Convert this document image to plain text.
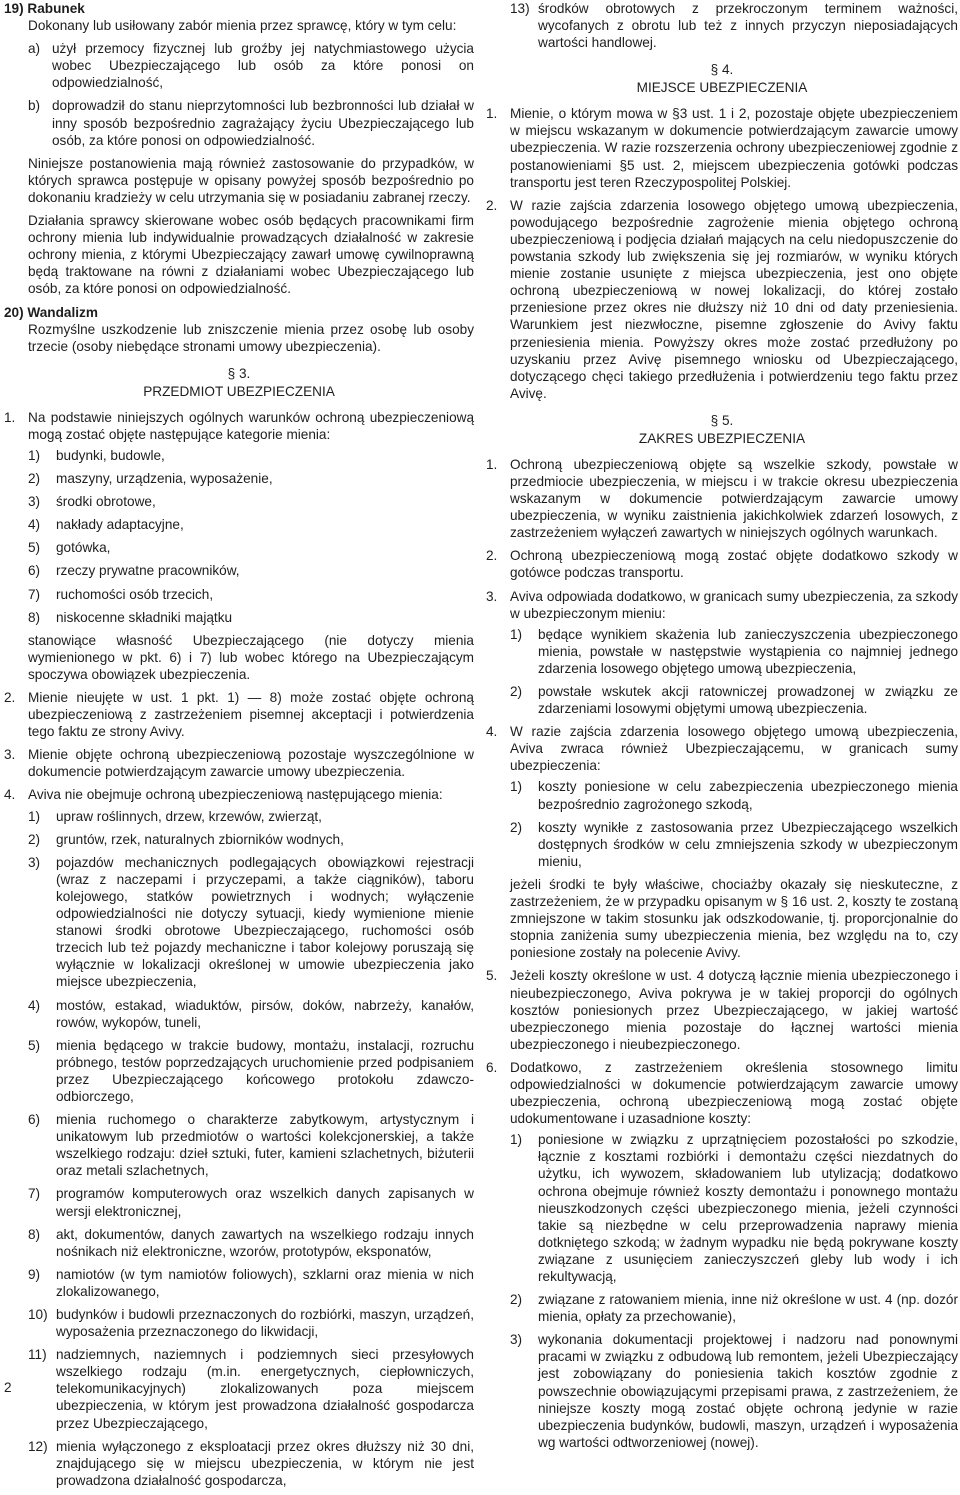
19) Rabunek

Dokonany lub usiłowany zabór mienia przez sprawcę, który w tym celu:

a) użył przemocy fizycznej lub groźby jej natychmiastowego użycia wobec Ubezpieczającego lub osób za które ponosi on odpowiedzialność,
b) doprowadził do stanu nieprzytomności lub bezbronności lub działał w inny sposób bezpośrednio zagrażający życiu Ubezpieczającego lub osób, za które ponosi on odpowiedzialność.

Niniejsze postanowienia mają również zastosowanie do przypadków, w których sprawca postępuje w opisany powyżej sposób bezpośrednio po dokonaniu kradzieży w celu utrzymania się w posiadaniu zabranej rzeczy.

Działania sprawcy skierowane wobec osób będących pracownikami firm ochrony mienia lub indywidualnie prowadzących działalność w zakresie ochrony mienia, z którymi Ubezpieczający zawarł umowę cywilnoprawną będą traktowane na równi z działaniami wobec Ubezpieczającego lub osób, za które ponosi on odpowiedzialność.

20) Wandalizm

Rozmyślne uszkodzenie lub zniszczenie mienia przez osobę lub osoby trzecie (osoby niebędące stronami umowy ubezpieczenia).

§ 3.
PRZEDMIOT UBEZPIECZENIA
1. Na podstawie niniejszych ogólnych warunków ochroną ubezpieczeniową mogą zostać objęte następujące kategorie mienia:
1)	budynki, budowle,
2)	maszyny, urządzenia, wyposażenie,
3)	środki obrotowe,
4)	nakłady adaptacyjne,
5)	gotówka,
6)	rzeczy prywatne pracowników,
7)	ruchomości osób trzecich,
8)	niskocenne składniki majątku

stanowiące własność Ubezpieczającego (nie dotyczy mienia wymienionego w pkt. 6) i 7) lub wobec którego na Ubezpieczającym spoczywa obowiązek ubezpieczenia.

2. Mienie nieujęte w ust. 1 pkt. 1) — 8) może zostać objęte ochroną ubezpieczeniową z zastrzeżeniem pisemnej akceptacji i potwierdzenia tego faktu ze strony Avivy.
3. Mienie objęte ochroną ubezpieczeniową pozostaje wyszczególnione w dokumencie potwierdzającym zawarcie umowy ubezpieczenia.
4. Aviva nie obejmuje ochroną ubezpieczeniową następującego mienia:
1)	upraw roślinnych, drzew, krzewów, zwierząt,
2)	gruntów, rzek, naturalnych zbiorników wodnych,
3)	pojazdów mechanicznych podlegających obowiązkowi rejestracji (wraz z naczepami i przyczepami, a także ciągników), taboru kolejowego, statków powietrznych i wodnych; wyłączenie odpowiedzialności nie dotyczy sytuacji, kiedy wymienione mienie stanowi środki obrotowe Ubezpieczającego, ruchomości osób trzecich lub też pojazdy mechaniczne i tabor kolejowy poruszają się wyłącznie w lokalizacji określonej w umowie ubezpieczenia jako miejsce ubezpieczenia,
4)	mostów, estakad, wiaduktów, pirsów, doków, nabrzeży, kanałów, rowów, wykopów, tuneli,
5)	mienia będącego w trakcie budowy, montażu, instalacji, rozruchu próbnego, testów poprzedzających uruchomienie przed podpisaniem przez Ubezpieczającego końcowego protokołu zdawczo-odbiorczego,
6)	mienia ruchomego o charakterze zabytkowym, artystycznym i unikatowym lub przedmiotów o wartości kolekcjonerskiej, a także wszelkiego rodzaju: dzieł sztuki, futer, kamieni szlachetnych, biżuterii oraz metali szlachetnych,
7)	programów komputerowych oraz wszelkich danych zapisanych w wersji elektronicznej,
8)	akt, dokumentów, danych zawartych na wszelkiego rodzaju innych nośnikach niż elektroniczne, wzorów, prototypów, eksponatów,
9)	namiotów (w tym namiotów foliowych), szklarni oraz mienia w nich zlokalizowanego,
10) budynków i budowli przeznaczonych do rozbiórki, maszyn, urządzeń, wyposażenia przeznaczonego do likwidacji,
11) nadziemnych, naziemnych i podziemnych sieci przesyłowych wszelkiego rodzaju (m.in. energetycznych, ciepłowniczych, telekomunikacyjnych) zlokalizowanych poza miejscem ubezpieczenia, w którym jest prowadzona działalność gospodarcza przez Ubezpieczającego,
12) mienia wyłączonego z eksploatacji przez okres dłuższy niż 30 dni, znajdującego się w miejscu ubezpieczenia, w którym nie jest prowadzona działalność gospodarcza,
13) środków obrotowych z przekroczonym terminem ważności, wycofanych z obrotu lub też z innych przyczyn nieposiadających wartości handlowej.
§ 4.
MIEJSCE UBEZPIECZENIA
1. Mienie, o którym mowa w §3 ust. 1 i 2, pozostaje objęte ubezpieczeniem w miejscu wskazanym w dokumencie potwierdzającym zawarcie umowy ubezpieczenia. W razie rozszerzenia ochrony ubezpieczeniowej zgodnie z postanowieniami §5 ust. 2, miejscem ubezpieczenia gotówki podczas transportu jest teren Rzeczypospolitej Polskiej.
2. W razie zajścia zdarzenia losowego objętego umową ubezpieczenia, powodującego bezpośrednie zagrożenie mienia objętego ochroną ubezpieczeniową i podjęcia działań mających na celu niedopuszczenie do powstania szkody lub zwiększenia się jej rozmiarów, w wyniku których mienie zostanie usunięte z miejsca ubezpieczenia, jest ono objęte ochroną ubezpieczeniową w nowej lokalizacji, do której zostało przeniesione przez okres nie dłuższy niż 10 dni od daty przeniesienia. Warunkiem jest niezwłoczne, pisemne zgłoszenie do Avivy faktu przeniesienia mienia. Powyższy okres może zostać przedłużony po uzyskaniu przez Avivę pisemnego wniosku od Ubezpieczającego, dotyczącego chęci takiego przedłużenia i potwierdzeniu tego faktu przez Avivę.
§ 5.
ZAKRES UBEZPIECZENIA
1. Ochroną ubezpieczeniową objęte są wszelkie szkody, powstałe w przedmiocie ubezpieczenia, w miejscu i w trakcie okresu ubezpieczenia wskazanym w dokumencie potwierdzającym zawarcie umowy ubezpieczenia, w wyniku zaistnienia jakichkolwiek zdarzeń losowych, z zastrzeżeniem wyłączeń zawartych w niniejszych ogólnych warunkach.
2. Ochroną ubezpieczeniową mogą zostać objęte dodatkowo szkody w gotówce podczas transportu.
3. Aviva odpowiada dodatkowo, w granicach sumy ubezpieczenia, za szkody w ubezpieczonym mieniu:
1)	będące wynikiem skażenia lub zanieczyszczenia ubezpieczonego mienia, powstałe w następstwie wystąpienia co najmniej jednego zdarzenia losowego objętego umową ubezpieczenia,
2)	powstałe wskutek akcji ratowniczej prowadzonej w związku ze zdarzeniami losowymi objętymi umową ubezpieczenia.
4. W razie zajścia zdarzenia losowego objętego umową ubezpieczenia, Aviva zwraca również Ubezpieczającemu, w granicach sumy ubezpieczenia:
1)	koszty poniesione w celu zabezpieczenia ubezpieczonego mienia bezpośrednio zagrożonego szkodą,
2)	koszty wynikłe z zastosowania przez Ubezpieczającego wszelkich dostępnych środków w celu zmniejszenia szkody w ubezpieczonym mieniu,

jeżeli środki te były właściwe, chociażby okazały się nieskuteczne, z zastrzeżeniem, że w przypadku opisanym w § 16 ust. 2, koszty te zostaną zmniejszone w takim stosunku jak odszkodowanie, tj. proporcjonalnie do stopnia zaniżenia sumy ubezpieczenia mienia, bez względu na to, czy poniesione zostały na polecenie Avivy.

5. Jeżeli koszty określone w ust. 4 dotyczą łącznie mienia ubezpieczonego i nieubezpieczonego, Aviva pokrywa je w takiej proporcji do ogólnych kosztów poniesionych przez Ubezpieczającego, w jakiej wartość ubezpieczonego mienia pozostaje do łącznej wartości mienia ubezpieczonego i nieubezpieczonego.
6. Dodatkowo, z zastrzeżeniem określenia stosownego limitu odpowiedzialności w dokumencie potwierdzającym zawarcie umowy ubezpieczenia, ochroną ubezpieczeniową mogą zostać objęte udokumentowane i uzasadnione koszty:
1)	poniesione w związku z uprzątnięciem pozostałości po szkodzie, łącznie z kosztami rozbiórki i demontażu części niezdatnych do użytku, ich wywozem, składowaniem lub utylizacją; dodatkowo ochrona obejmuje również koszty demontażu i ponownego montażu nieuszkodzonych części ubezpieczonego mienia, jeżeli czynności takie są niezbędne w celu przeprowadzenia naprawy mienia dotkniętego szkodą; w żadnym wypadku nie będą pokrywane koszty związane z usunięciem zanieczyszczeń gleby lub wody i ich rekultywacją,
2)	związane z ratowaniem mienia, inne niż określone w ust. 4 (np. dozór mienia, opłaty za przechowanie),
3)	wykonania dokumentacji projektowej i nadzoru nad ponownymi pracami w związku z odbudową lub remontem, jeżeli Ubezpieczający jest zobowiązany do poniesienia takich kosztów zgodnie z powszechnie obowiązującymi przepisami prawa, z zastrzeżeniem, że niniejsze koszty mogą zostać objęte ochroną jedynie w razie ubezpieczenia budynków, budowli, maszyn, urządzeń i wyposażenia wg wartości odtworzeniowej (nowej).
2
